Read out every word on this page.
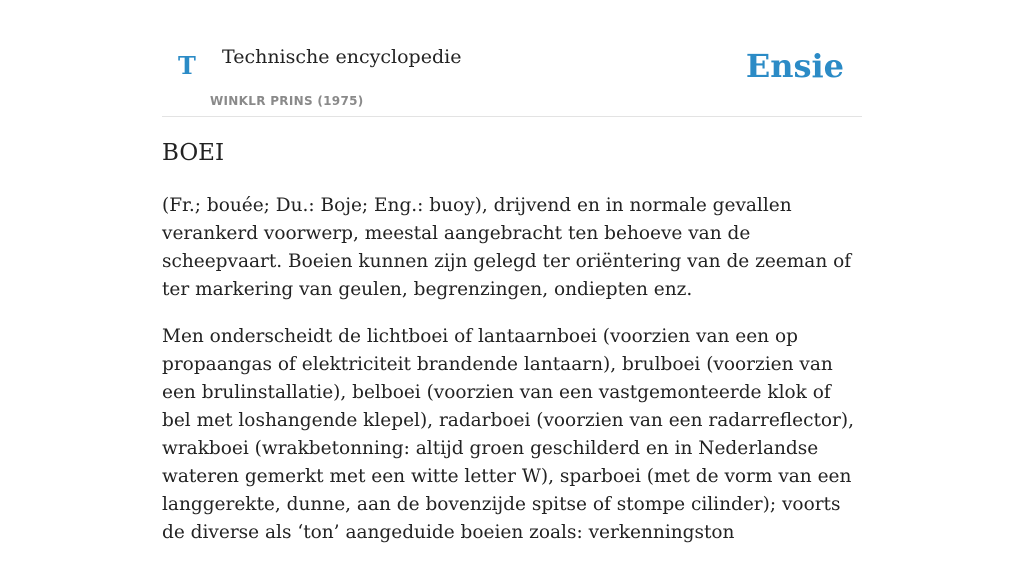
T Technische encyclopedie
WINKLR PRINS (1975)
Ensie
BOEI

(Fr.; bouée; Du.: Boje; Eng.: buoy), drijvend en in normale gevallen verankerd voorwerp, meestal aangebracht ten behoeve van de scheepvaart. Boeien kunnen zijn gelegd ter oriëntering van de zeeman of ter markering van geulen, begrenzingen, ondiepten enz.

Men onderscheidt de lichtboei of lantaarnboei (voorzien van een op propaangas of elektriciteit brandende lantaarn), brulboei (voorzien van een brulinstallatie), belboei (voorzien van een vastgemonteerde klok of bel met loshangende klepel), radarboei (voorzien van een radarreflector), wrakboei (wrakbetonning: altijd groen geschilderd en in Nederlandse wateren gemerkt met een witte letter W), sparboei (met de vorm van een langgerekte, dunne, aan de bovenzijde spitse of stompe cilinder); voorts de diverse als ‘ton’ aangeduide boeien zoals: verkenningston
